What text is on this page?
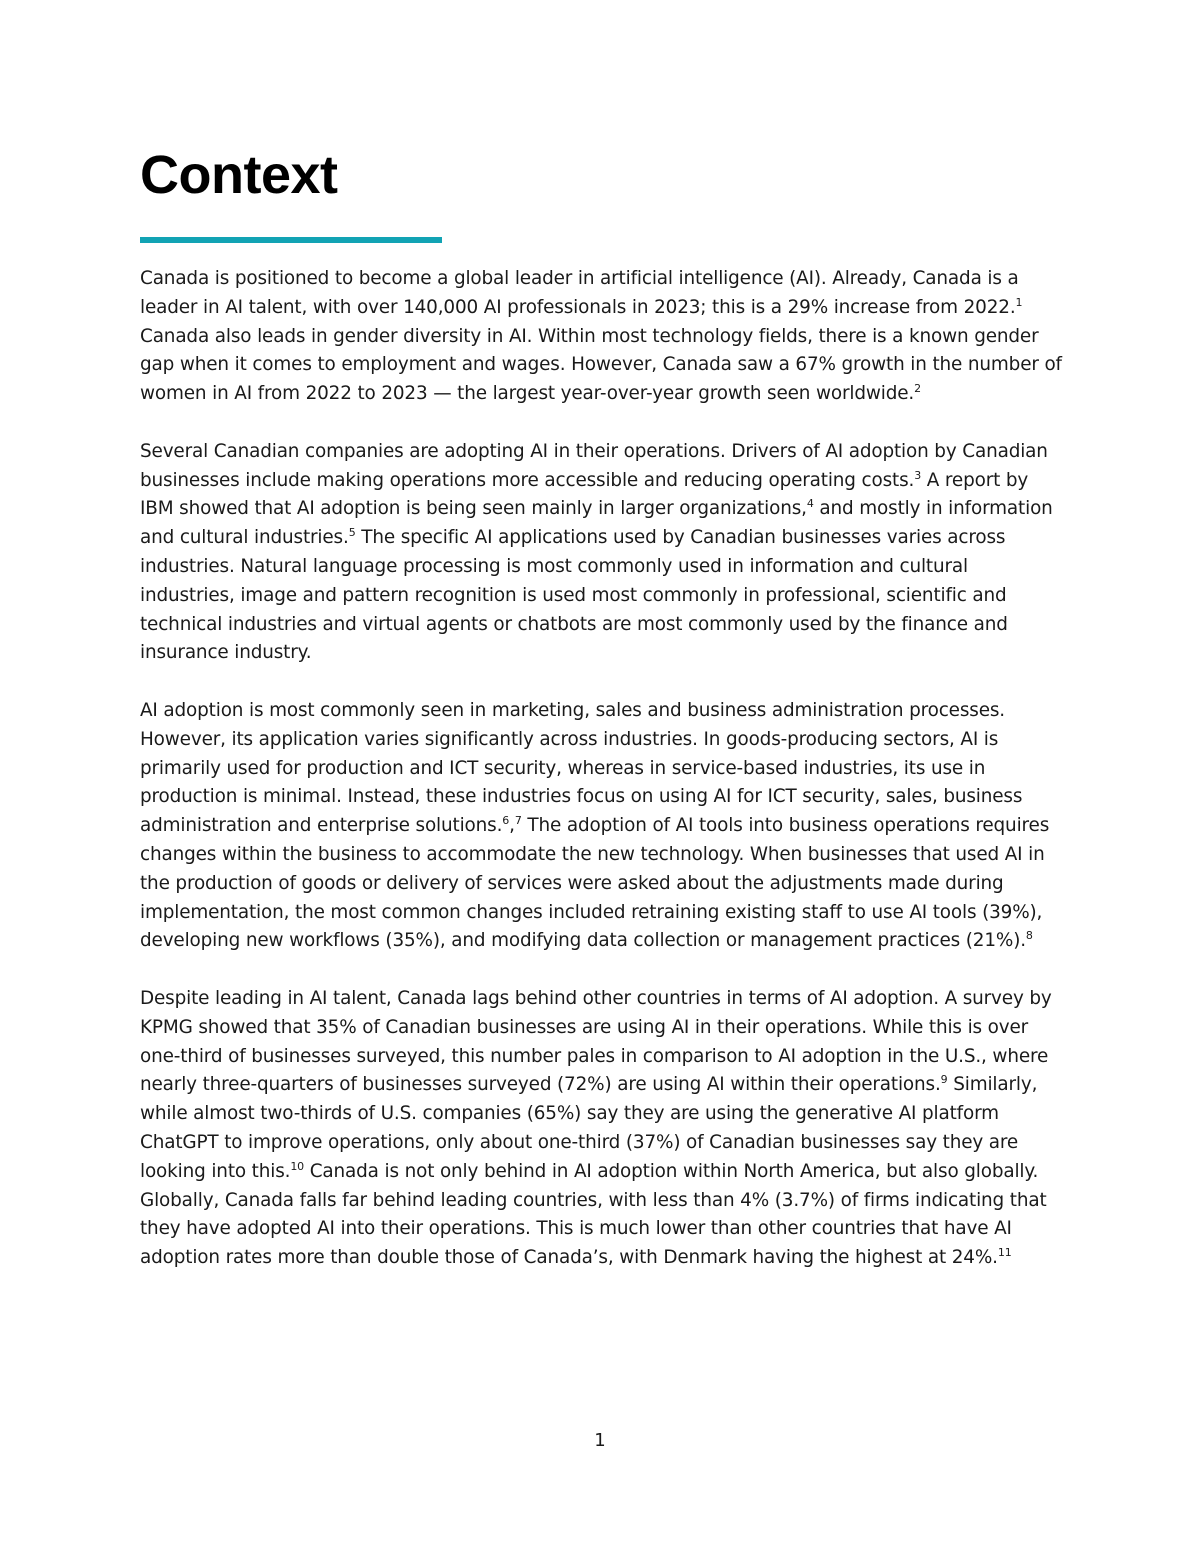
Context

Canada is positioned to become a global leader in artificial intelligence (AI). Already, Canada is a leader in AI talent, with over 140,000 AI professionals in 2023; this is a 29% increase from 2022.$^1$ Canada also leads in gender diversity in AI. Within most technology fields, there is a known gender gap when it comes to employment and wages. However, Canada saw a 67% growth in the number of women in AI from 2022 to 2023 — the largest year-over-year growth seen worldwide.$^2$

Several Canadian companies are adopting AI in their operations. Drivers of AI adoption by Canadian businesses include making operations more accessible and reducing operating costs.$^3$ A report by IBM showed that AI adoption is being seen mainly in larger organizations,$^4$ and mostly in information and cultural industries.$^5$ The specific AI applications used by Canadian businesses varies across industries. Natural language processing is most commonly used in information and cultural industries, image and pattern recognition is used most commonly in professional, scientific and technical industries and virtual agents or chatbots are most commonly used by the finance and insurance industry.

AI adoption is most commonly seen in marketing, sales and business administration processes. However, its application varies significantly across industries. In goods-producing sectors, AI is primarily used for production and ICT security, whereas in service-based industries, its use in production is minimal. Instead, these industries focus on using AI for ICT security, sales, business administration and enterprise solutions.$^6$,$^7$ The adoption of AI tools into business operations requires changes within the business to accommodate the new technology. When businesses that used AI in the production of goods or delivery of services were asked about the adjustments made during implementation, the most common changes included retraining existing staff to use AI tools (39%), developing new workflows (35%), and modifying data collection or management practices (21%).$^8$

Despite leading in AI talent, Canada lags behind other countries in terms of AI adoption. A survey by KPMG showed that 35% of Canadian businesses are using AI in their operations. While this is over one-third of businesses surveyed, this number pales in comparison to AI adoption in the U.S., where nearly three-quarters of businesses surveyed (72%) are using AI within their operations.$^9$ Similarly, while almost two-thirds of U.S. companies (65%) say they are using the generative AI platform ChatGPT to improve operations, only about one-third (37%) of Canadian businesses say they are looking into this.$^{10}$ Canada is not only behind in AI adoption within North America, but also globally. Globally, Canada falls far behind leading countries, with less than 4% (3.7%) of firms indicating that they have adopted AI into their operations. This is much lower than other countries that have AI adoption rates more than double those of Canada’s, with Denmark having the highest at 24%.$^{11}$

1
